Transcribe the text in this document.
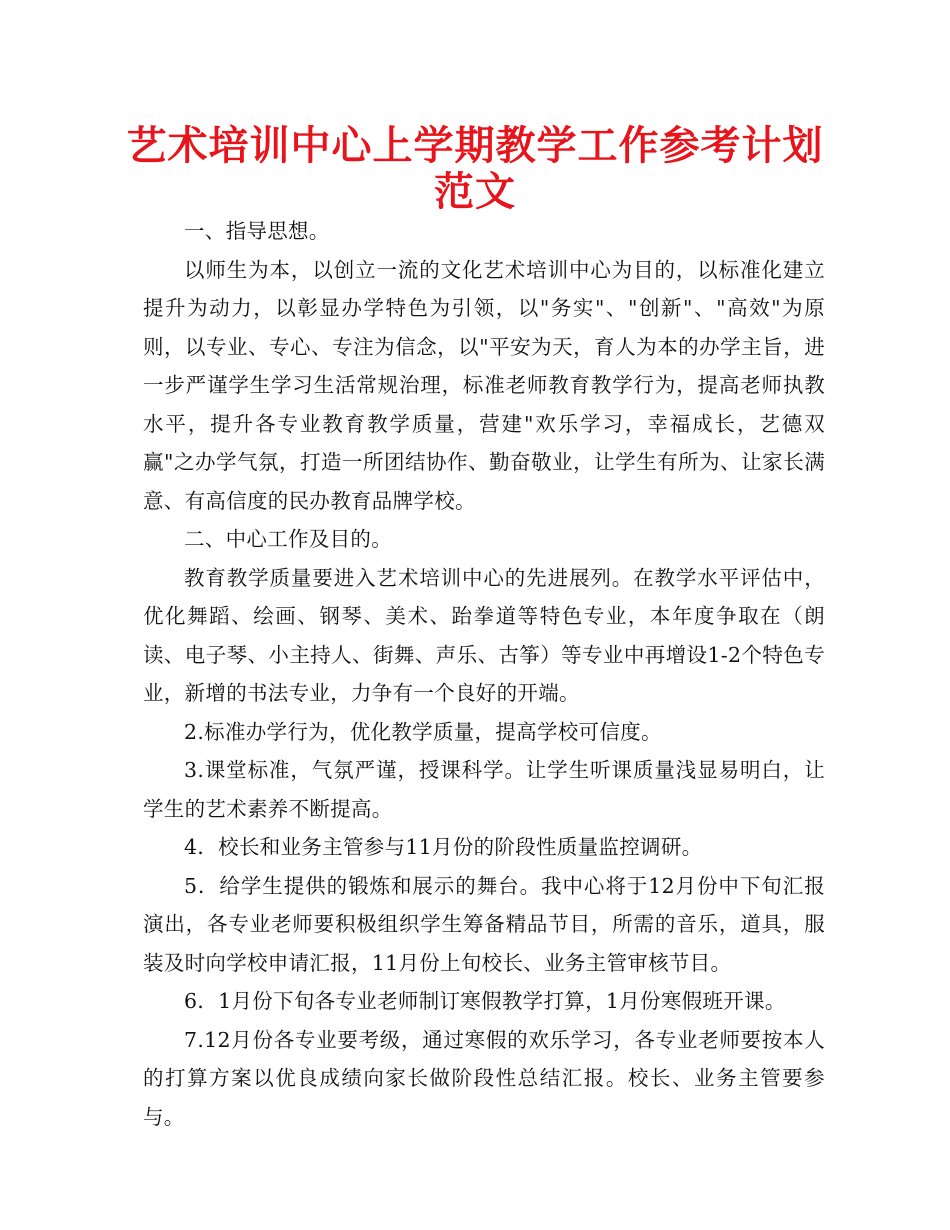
艺术培训中心上学期教学工作参考计划范文

一、指导思想。

以师生为本，以创立一流的文化艺术培训中心为目的，以标准化建立提升为动力，以彰显办学特色为引领，以"务实"、"创新"、"高效"为原则，以专业、专心、专注为信念，以"平安为天，育人为本的办学主旨，进一步严谨学生学习生活常规治理，标准老师教育教学行为，提高老师执教水平，提升各专业教育教学质量，营建"欢乐学习，幸福成长，艺德双赢"之办学气氛，打造一所团结协作、勤奋敬业，让学生有所为、让家长满意、有高信度的民办教育品牌学校。

二、中心工作及目的。

教育教学质量要进入艺术培训中心的先进展列。在教学水平评估中，优化舞蹈、绘画、钢琴、美术、跆拳道等特色专业，本年度争取在（朗读、电子琴、小主持人、街舞、声乐、古筝）等专业中再增设1-2个特色专业，新增的书法专业，力争有一个良好的开端。

2.标准办学行为，优化教学质量，提高学校可信度。

3.课堂标准，气氛严谨，授课科学。让学生听课质量浅显易明白，让学生的艺术素养不断提高。

4．校长和业务主管参与11月份的阶段性质量监控调研。

5．给学生提供的锻炼和展示的舞台。我中心将于12月份中下旬汇报演出，各专业老师要积极组织学生筹备精品节目，所需的音乐，道具，服装及时向学校申请汇报，11月份上旬校长、业务主管审核节目。

6．1月份下旬各专业老师制订寒假教学打算，1月份寒假班开课。

7.12月份各专业要考级，通过寒假的欢乐学习，各专业老师要按本人的打算方案以优良成绩向家长做阶段性总结汇报。校长、业务主管要参与。
